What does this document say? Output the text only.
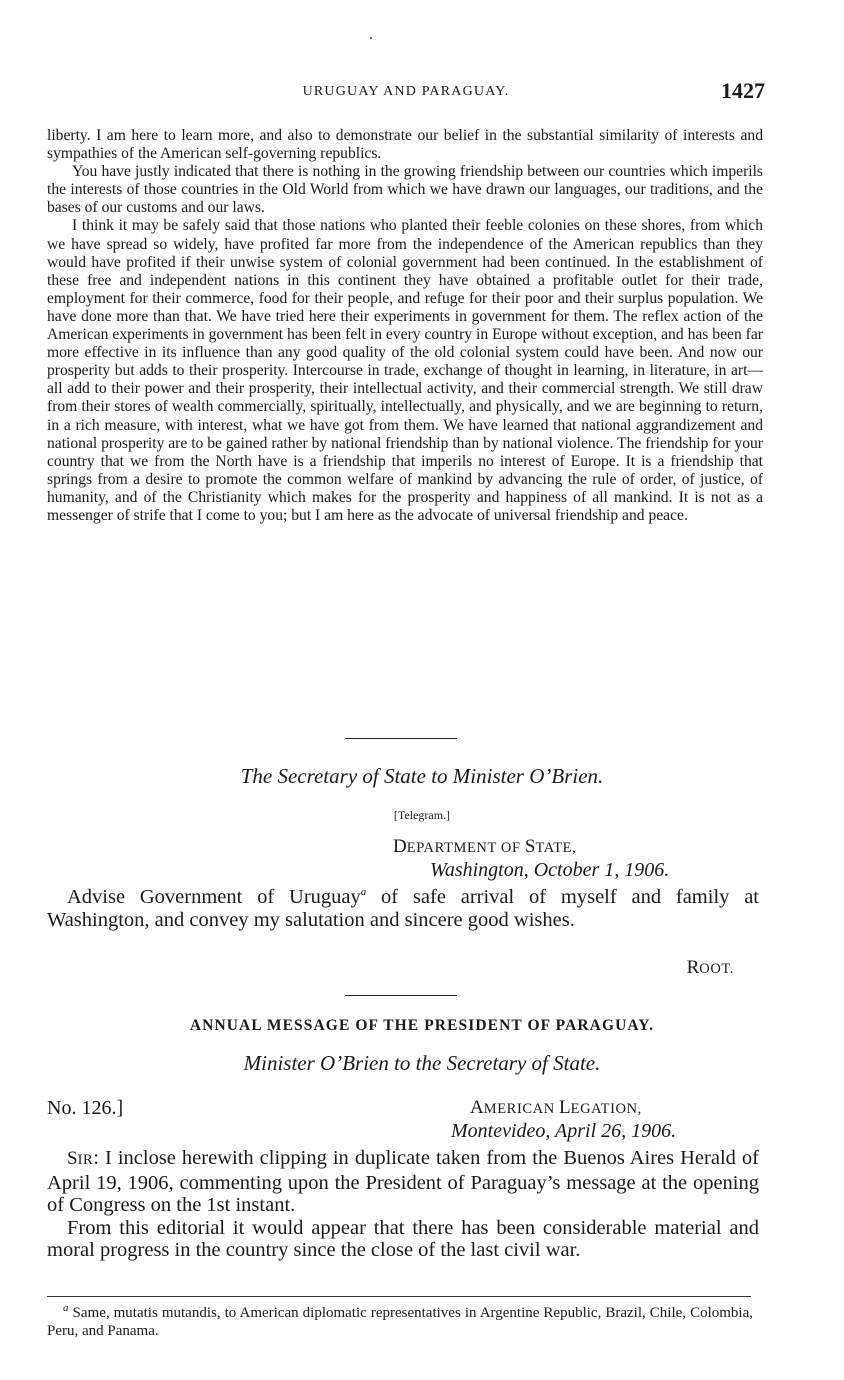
URUGUAY AND PARAGUAY.	1427

liberty. I am here to learn more, and also to demonstrate our belief in the substantial similarity of interests and sympathies of the American self-governing republics.

You have justly indicated that there is nothing in the growing friendship between our countries which imperils the interests of those countries in the Old World from which we have drawn our languages, our traditions, and the bases of our customs and our laws.

I think it may be safely said that those nations who planted their feeble colonies on these shores, from which we have spread so widely, have profited far more from the independence of the American republics than they would have profited if their unwise system of colonial government had been continued. In the establishment of these free and independent nations in this continent they have obtained a profitable outlet for their trade, employment for their commerce, food for their people, and refuge for their poor and their surplus population. We have done more than that. We have tried here their experiments in government for them. The reflex action of the American experiments in government has been felt in every country in Europe without exception, and has been far more effective in its influence than any good quality of the old colonial system could have been. And now our prosperity but adds to their prosperity. Intercourse in trade, exchange of thought in learning, in literature, in art—all add to their power and their prosperity, their intellectual activity, and their commercial strength. We still draw from their stores of wealth commercially, spiritually, intellectually, and physically, and we are beginning to return, in a rich measure, with interest, what we have got from them. We have learned that national aggrandizement and national prosperity are to be gained rather by national friendship than by national violence. The friendship for your country that we from the North have is a friendship that imperils no interest of Europe. It is a friendship that springs from a desire to promote the common welfare of mankind by advancing the rule of order, of justice, of humanity, and of the Christianity which makes for the prosperity and happiness of all mankind. It is not as a messenger of strife that I come to you; but I am here as the advocate of universal friendship and peace.

The Secretary of State to Minister O’Brien.
[Telegram.]
DEPARTMENT OF STATE,
Washington, October 1, 1906.

Advise Government of Uruguay$^a$ of safe arrival of myself and family at Washington, and convey my salutation and sincere good wishes.

ROOT.
ANNUAL MESSAGE OF THE PRESIDENT OF PARAGUAY.
Minister O’Brien to the Secretary of State.
No. 126.]	AMERICAN LEGATION,
Montevideo, April 26, 1906.

SIR: I inclose herewith clipping in duplicate taken from the Buenos Aires Herald of April 19, 1906, commenting upon the President of Paraguay’s message at the opening of Congress on the 1st instant.

From this editorial it would appear that there has been considerable material and moral progress in the country since the close of the last civil war.

$^a$ Same, mutatis mutandis, to American diplomatic representatives in Argentine Republic, Brazil, Chile, Colombia, Peru, and Panama.
